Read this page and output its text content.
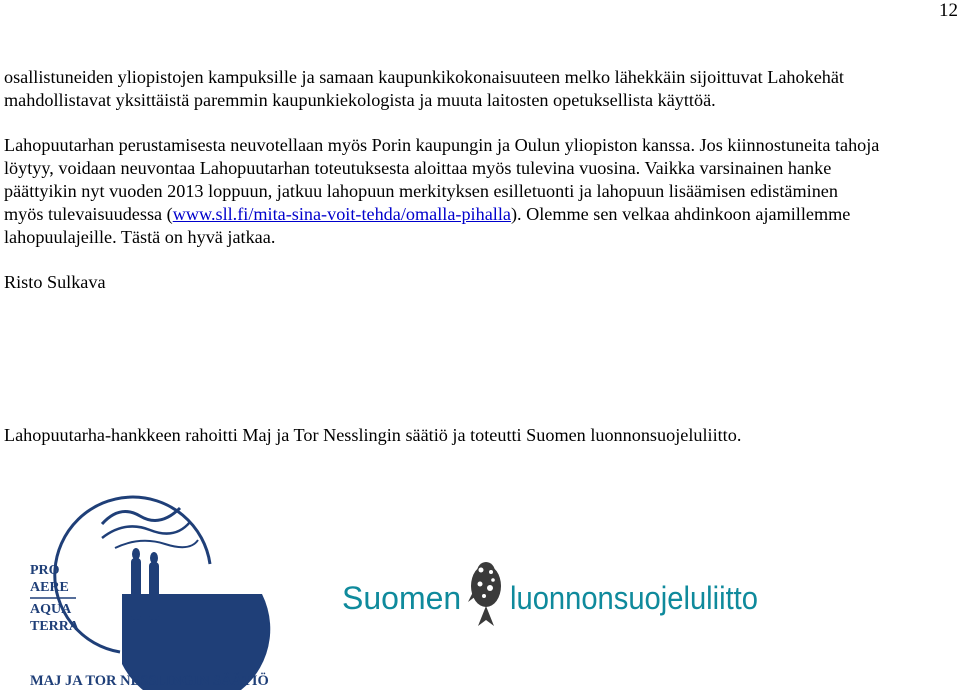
12

osallistuneiden yliopistojen kampuksille ja samaan kaupunkikokonaisuuteen melko lähekkäin sijoittuvat Lahokehät

mahdollistavat yksittäistä paremmin kaupunkiekologista ja muuta laitosten opetuksellista käyttöä.

Lahopuutarhan perustamisesta neuvotellaan myös Porin kaupungin ja Oulun yliopiston kanssa. Jos kiinnostuneita tahoja

löytyy, voidaan neuvontaa Lahopuutarhan toteutuksesta aloittaa myös tulevina vuosina. Vaikka varsinainen hanke

päättyikin nyt vuoden 2013 loppuun, jatkuu lahopuun merkityksen esilletuonti ja lahopuun lisäämisen edistäminen

myös tulevaisuudessa (www.sll.fi/mita-sina-voit-tehda/omalla-pihalla). Olemme sen velkaa ahdinkoon ajamillemme

lahopuulajeille. Tästä on hyvä jatkaa.

Risto Sulkava

Lahopuutarha-hankkeen rahoitti Maj ja Tor Nesslingin säätiö ja toteutti Suomen luonnonsuojeluliitto.

PRO
AERE
AQUA
TERRA
MAJ JA TOR NESSLINGIN SÄÄTIÖ
Suomen luonnonsuojeluliitto
